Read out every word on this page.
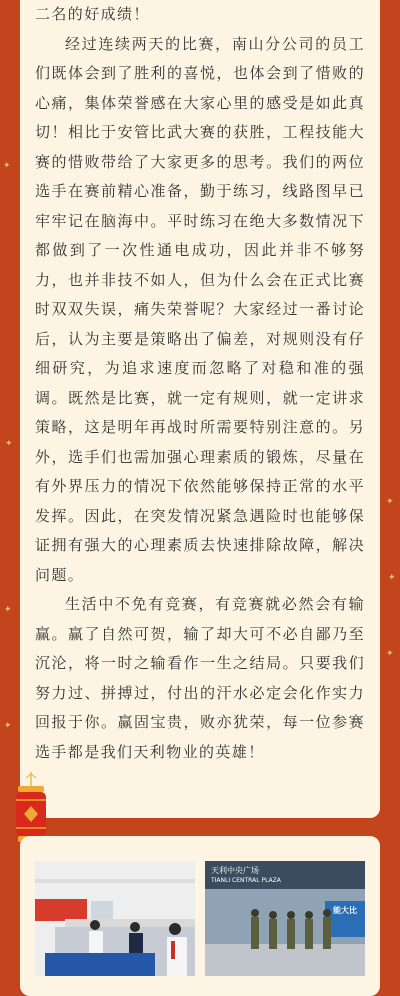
✦
✦
✦
✦
✦
✦
✦

二名的好成绩！

经过连续两天的比赛，南山分公司的员工们既体会到了胜利的喜悦，也体会到了惜败的心痛，集体荣誉感在大家心里的感受是如此真切！相比于安管比武大赛的获胜，工程技能大赛的惜败带给了大家更多的思考。我们的两位选手在赛前精心准备，勤于练习，线路图早已牢牢记在脑海中。平时练习在绝大多数情况下都做到了一次性通电成功，因此并非不够努力，也并非技不如人，但为什么会在正式比赛时双双失误，痛失荣誉呢？大家经过一番讨论后，认为主要是策略出了偏差，对规则没有仔细研究，为追求速度而忽略了对稳和准的强调。既然是比赛，就一定有规则，就一定讲求策略，这是明年再战时所需要特别注意的。另外，选手们也需加强心理素质的锻炼，尽量在有外界压力的情况下依然能够保持正常的水平发挥。因此，在突发情况紧急遇险时也能够保证拥有强大的心理素质去快速排除故障，解决问题。

生活中不免有竞赛，有竞赛就必然会有输赢。赢了自然可贺，输了却大可不必自鄙乃至沉沦，将一时之输看作一生之结局。只要我们努力过、拼搏过，付出的汗水必定会化作实力回报于你。赢固宝贵，败亦犹荣，每一位参赛选手都是我们天利物业的英雄！

天利中央广场
TIANLI CENTRAL PLAZA
能大比
